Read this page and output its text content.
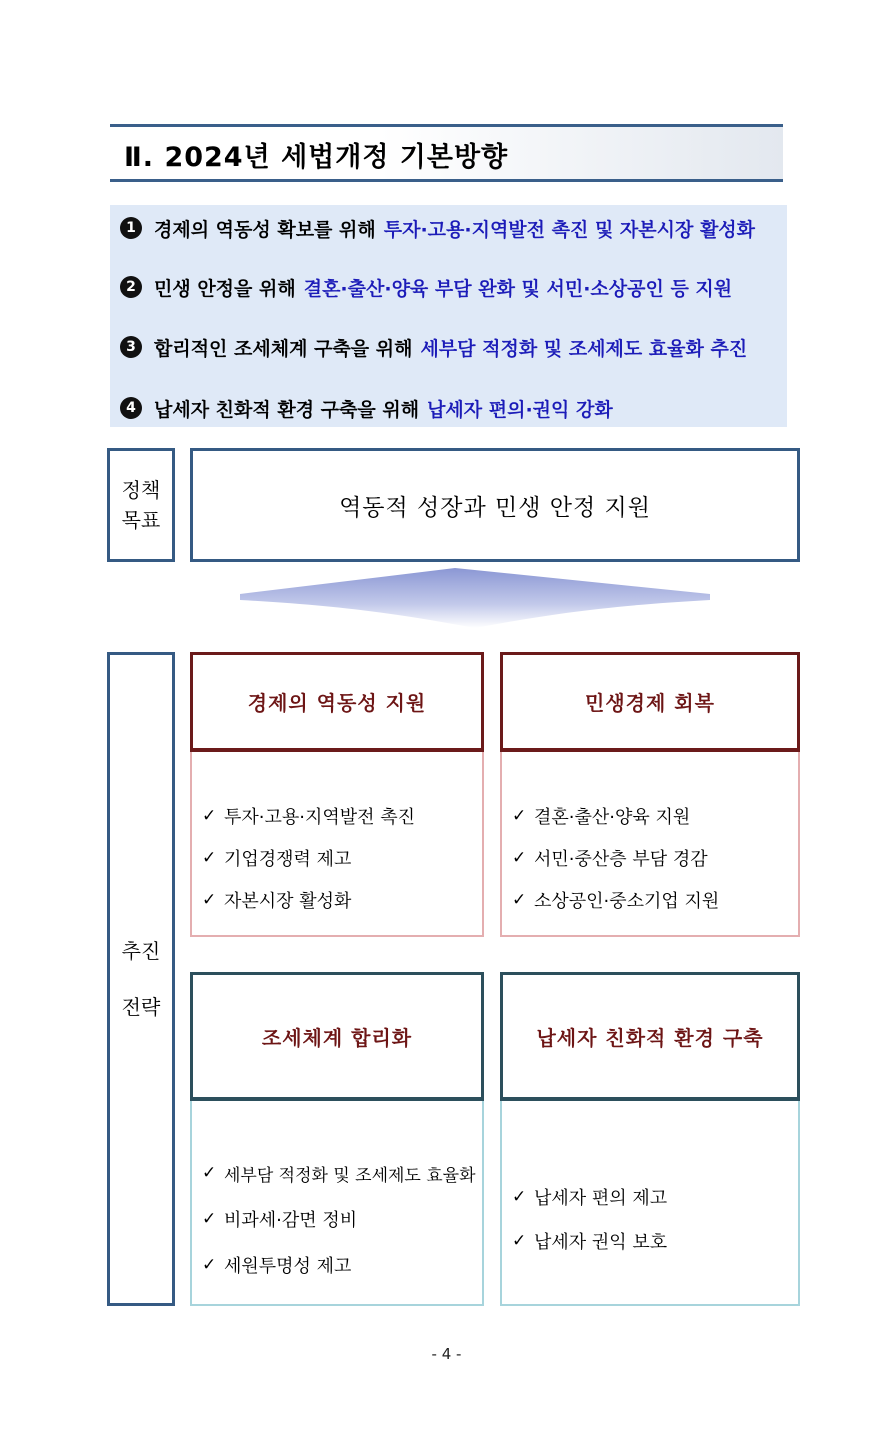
Ⅱ. 2024년 세법개정 기본방향
1 경제의 역동성 확보를 위해 투자·고용·지역발전 촉진 및 자본시장 활성화
2 민생 안정을 위해 결혼·출산·양육 부담 완화 및 서민·소상공인 등 지원
3 합리적인 조세체계 구축을 위해 세부담 적정화 및 조세제도 효율화 추진
4 납세자 친화적 환경 구축을 위해 납세자 편의·권익 강화
정책
목표	역동적 성장과 민생 안정 지원
추진
전략
경제의 역동성 지원
✓ 투자·고용·지역발전 촉진
✓ 기업경쟁력 제고
✓ 자본시장 활성화
민생경제 회복
✓ 결혼·출산·양육 지원
✓ 서민·중산층 부담 경감
✓ 소상공인·중소기업 지원
조세체계 합리화
✓ 세부담 적정화 및 조세제도 효율화
✓ 비과세·감면 정비
✓ 세원투명성 제고
납세자 친화적 환경 구축
✓ 납세자 편의 제고
✓ 납세자 권익 보호
- 4 -
